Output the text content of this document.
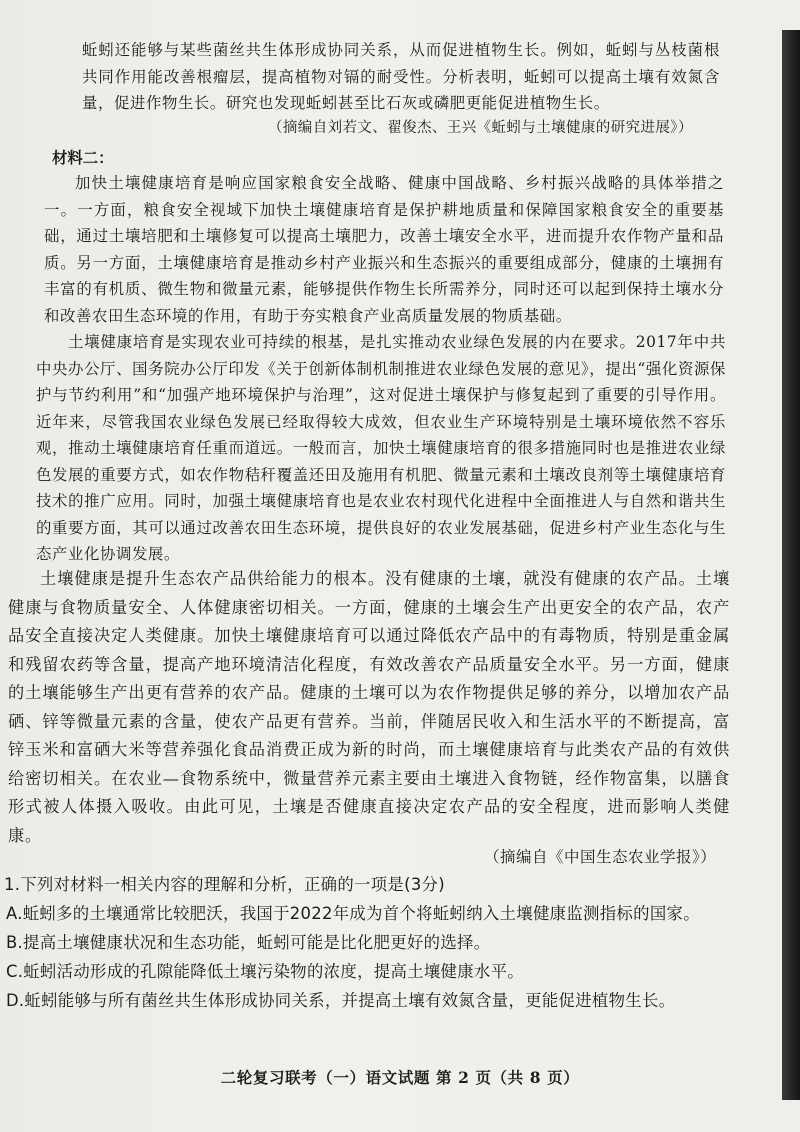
蚯蚓还能够与某些菌丝共生体形成协同关系，从而促进植物生长。例如，蚯蚓与丛枝菌根共同作用能改善根瘤层，提高植物对镉的耐受性。分析表明，蚯蚓可以提高土壤有效氮含量，促进作物生长。研究也发现蚯蚓甚至比石灰或磷肥更能促进植物生长。

（摘编自刘若文、翟俊杰、王兴《蚯蚓与土壤健康的研究进展》）
材料二：

加快土壤健康培育是响应国家粮食安全战略、健康中国战略、乡村振兴战略的具体举措之一。一方面，粮食安全视域下加快土壤健康培育是保护耕地质量和保障国家粮食安全的重要基础，通过土壤培肥和土壤修复可以提高土壤肥力，改善土壤安全水平，进而提升农作物产量和品质。另一方面，土壤健康培育是推动乡村产业振兴和生态振兴的重要组成部分，健康的土壤拥有丰富的有机质、微生物和微量元素，能够提供作物生长所需养分，同时还可以起到保持土壤水分和改善农田生态环境的作用，有助于夯实粮食产业高质量发展的物质基础。

土壤健康培育是实现农业可持续的根基，是扎实推动农业绿色发展的内在要求。2017年中共中央办公厅、国务院办公厅印发《关于创新体制机制推进农业绿色发展的意见》，提出“强化资源保护与节约利用”和“加强产地环境保护与治理”，这对促进土壤保护与修复起到了重要的引导作用。近年来，尽管我国农业绿色发展已经取得较大成效，但农业生产环境特别是土壤环境依然不容乐观，推动土壤健康培育任重而道远。一般而言，加快土壤健康培育的很多措施同时也是推进农业绿色发展的重要方式，如农作物秸秆覆盖还田及施用有机肥、微量元素和土壤改良剂等土壤健康培育技术的推广应用。同时，加强土壤健康培育也是农业农村现代化进程中全面推进人与自然和谐共生的重要方面，其可以通过改善农田生态环境，提供良好的农业发展基础，促进乡村产业生态化与生态产业化协调发展。

土壤健康是提升生态农产品供给能力的根本。没有健康的土壤，就没有健康的农产品。土壤健康与食物质量安全、人体健康密切相关。一方面，健康的土壤会生产出更安全的农产品，农产品安全直接决定人类健康。加快土壤健康培育可以通过降低农产品中的有毒物质，特别是重金属和残留农药等含量，提高产地环境清洁化程度，有效改善农产品质量安全水平。另一方面，健康的土壤能够生产出更有营养的农产品。健康的土壤可以为农作物提供足够的养分，以增加农产品硒、锌等微量元素的含量，使农产品更有营养。当前，伴随居民收入和生活水平的不断提高，富锌玉米和富硒大米等营养强化食品消费正成为新的时尚，而土壤健康培育与此类农产品的有效供给密切相关。在农业—食物系统中，微量营养元素主要由土壤进入食物链，经作物富集，以膳食形式被人体摄入吸收。由此可见，土壤是否健康直接决定农产品的安全程度，进而影响人类健康。

（摘编自《中国生态农业学报》）
1.下列对材料一相关内容的理解和分析，正确的一项是(3分)
A.蚯蚓多的土壤通常比较肥沃，我国于2022年成为首个将蚯蚓纳入土壤健康监测指标的国家。
B.提高土壤健康状况和生态功能，蚯蚓可能是比化肥更好的选择。
C.蚯蚓活动形成的孔隙能降低土壤污染物的浓度，提高土壤健康水平。
D.蚯蚓能够与所有菌丝共生体形成协同关系，并提高土壤有效氮含量，更能促进植物生长。
二轮复习联考（一）语文试题 第 2 页（共 8 页）
